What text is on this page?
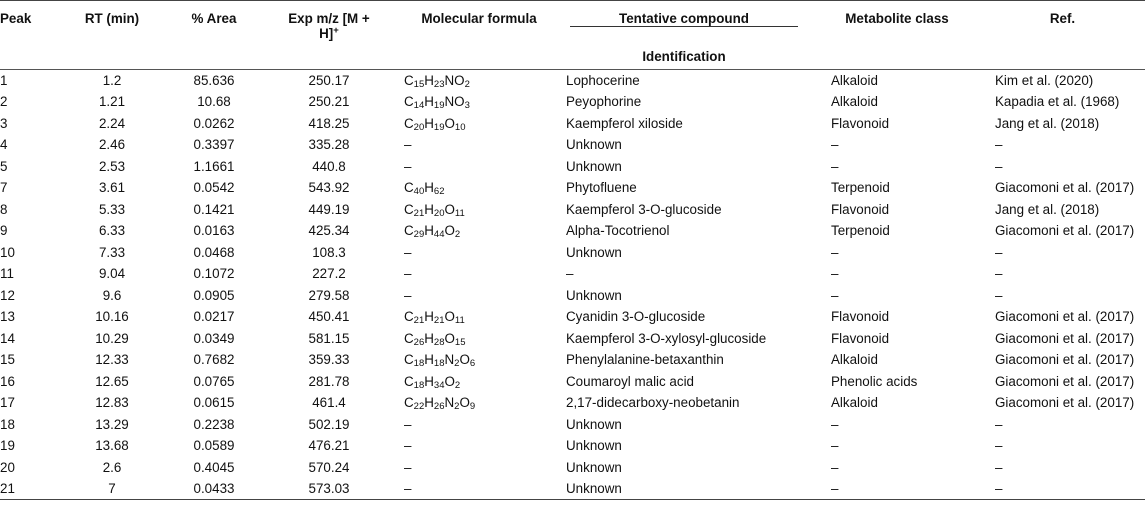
Peak	RT (min)	% Area	Exp m/z [M +
H]+	Molecular formula	Tentative compound	Metabolite class	Ref.
					Identification		
1	1.2	85.636	250.17	$C_{15}H_{23}NO_2$	Lophocerine	Alkaloid	Kim et al. (2020)
2	1.21	10.68	250.21	$C_{14}H_{19}NO_3$	Peyophorine	Alkaloid	Kapadia et al. (1968)
3	2.24	0.0262	418.25	$C_{20}H_{19}O_{10}$	Kaempferol xiloside	Flavonoid	Jang et al. (2018)
4	2.46	0.3397	335.28	–	Unknown	–	–
5	2.53	1.1661	440.8	–	Unknown	–	–
7	3.61	0.0542	543.92	$C_{40}H_{62}$	Phytofluene	Terpenoid	Giacomoni et al. (2017)
8	5.33	0.1421	449.19	$C_{21}H_{20}O_{11}$	Kaempferol 3-O-glucoside	Flavonoid	Jang et al. (2018)
9	6.33	0.0163	425.34	$C_{29}H_{44}O_2$	Alpha-Tocotrienol	Terpenoid	Giacomoni et al. (2017)
10	7.33	0.0468	108.3	–	Unknown	–	–
11	9.04	0.1072	227.2	–	–	–	–
12	9.6	0.0905	279.58	–	Unknown	–	–
13	10.16	0.0217	450.41	$C_{21}H_{21}O_{11}$	Cyanidin 3-O-glucoside	Flavonoid	Giacomoni et al. (2017)
14	10.29	0.0349	581.15	$C_{26}H_{28}O_{15}$	Kaempferol 3-O-xylosyl-glucoside	Flavonoid	Giacomoni et al. (2017)
15	12.33	0.7682	359.33	$C_{18}H_{18}N_2O_6$	Phenylalanine-betaxanthin	Alkaloid	Giacomoni et al. (2017)
16	12.65	0.0765	281.78	$C_{18}H_{34}O_2$	Coumaroyl malic acid	Phenolic acids	Giacomoni et al. (2017)
17	12.83	0.0615	461.4	$C_{22}H_{26}N_2O_9$	2,17-didecarboxy-neobetanin	Alkaloid	Giacomoni et al. (2017)
18	13.29	0.2238	502.19	–	Unknown	–	–
19	13.68	0.0589	476.21	–	Unknown	–	–
20	2.6	0.4045	570.24	–	Unknown	–	–
21	7	0.0433	573.03	–	Unknown	–	–
